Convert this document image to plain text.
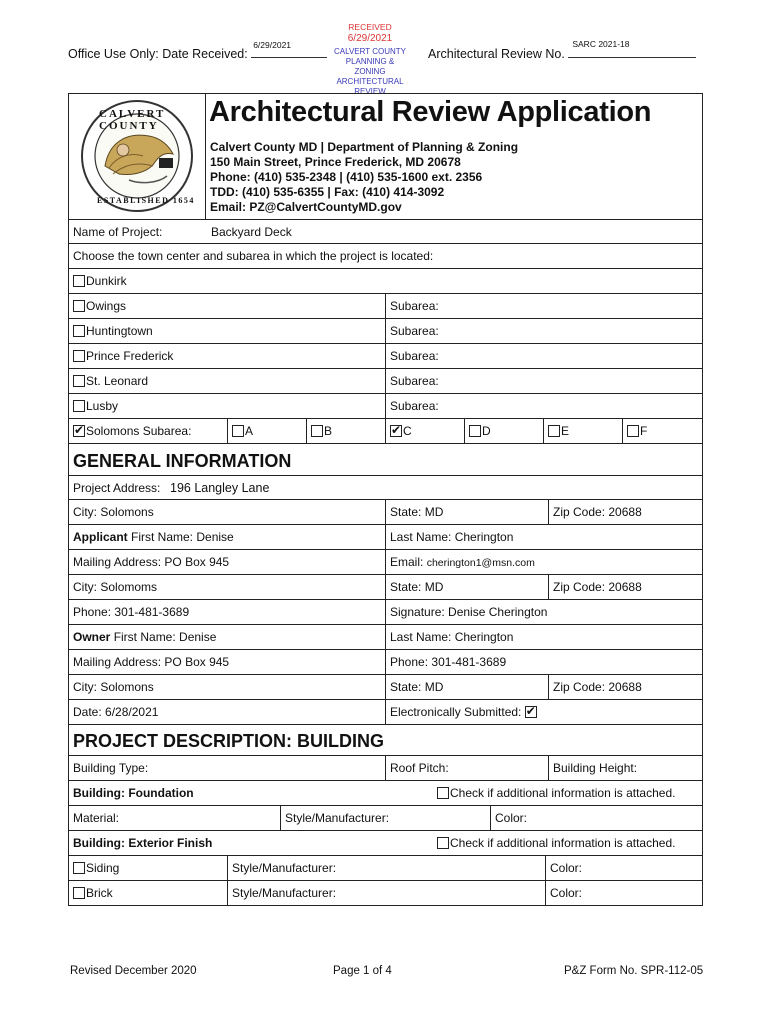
RECEIVED
6/29/2021
CALVERT COUNTY
PLANNING & ZONING
ARCHITECTURAL
REVIEW
Office Use Only: Date Received:
6/29/2021
Architectural Review No.
SARC 2021-18
CALVERT COUNTY
ESTABLISHED 1654
Architectural Review Application
Calvert County MD | Department of Planning & Zoning
150 Main Street, Prince Frederick, MD 20678
Phone: (410) 535-2348 | (410) 535-1600 ext. 2356
TDD: (410) 535-6355 | Fax: (410) 414-3092
Email: PZ@CalvertCountyMD.gov
Name of Project:	Backyard Deck
Choose the town center and subarea in which the project is located:
Dunkirk
Owings	Subarea:
Huntingtown	Subarea:
Prince Frederick	Subarea:
St. Leonard	Subarea:
Lusby	Subarea:
✔Solomons Subarea:	A	B
✔	C	D	E	F
GENERAL INFORMATION
Project Address: 196 Langley Lane
City: Solomons	State: MD	Zip Code: 20688
Applicant First Name: Denise	Last Name: Cherington
Mailing Address: PO Box 945	Email: cherington1@msn.com
City: Solomoms	State: MD	Zip Code: 20688
Phone: 301-481-3689	Signature: Denise Cherington
Owner First Name: Denise	Last Name: Cherington
Mailing Address: PO Box 945	Phone: 301-481-3689
City: Solomons	State: MD	Zip Code: 20688
Date: 6/28/2021	Electronically Submitted: ✔
PROJECT DESCRIPTION: BUILDING
Building Type:	Roof Pitch:	Building Height:
Building: Foundation	Check if additional information is attached.
Material:	Style/Manufacturer:	Color:
Building: Exterior Finish	Check if additional information is attached.
Siding	Style/Manufacturer:	Color:
Brick	Style/Manufacturer:	Color:
Revised December 2020	Page 1 of 4	P&Z Form No. SPR-112-05
